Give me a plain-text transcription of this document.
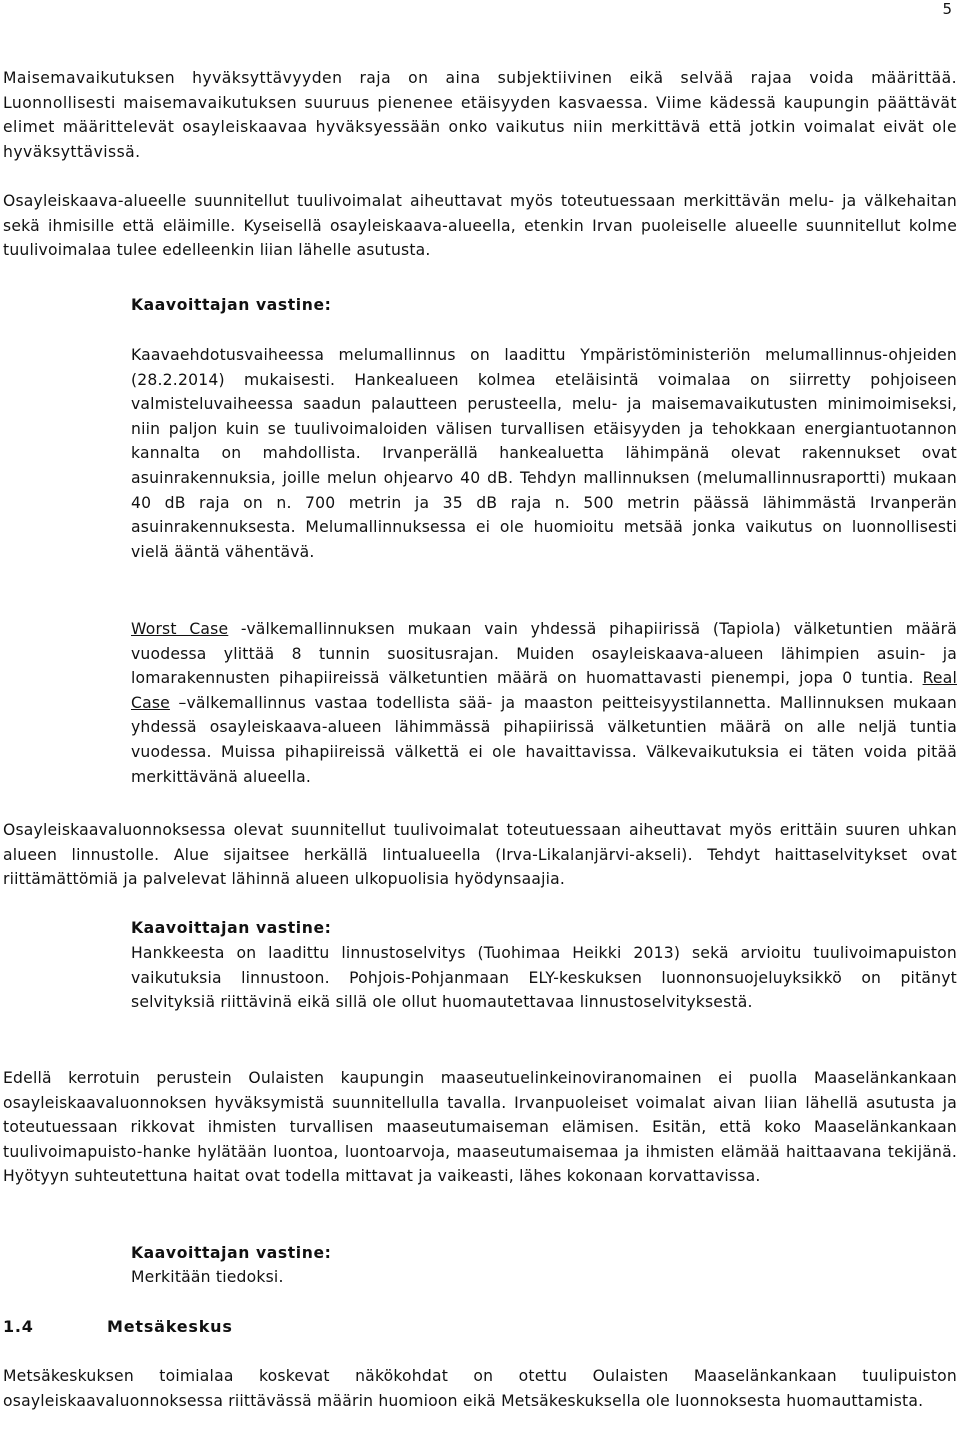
5

Maisemavaikutuksen hyväksyttävyyden raja on aina subjektiivinen eikä selvää rajaa voida määrittää. Luonnollisesti maisemavaikutuksen suuruus pienenee etäisyyden kasvaessa. Viime kädessä kaupungin päättävät elimet määrittelevät osayleiskaavaa hyväksyessään onko vaikutus niin merkittävä että jotkin voimalat eivät ole hyväksyttävissä.

Osayleiskaava-alueelle suunnitellut tuulivoimalat aiheuttavat myös toteutuessaan merkittävän melu- ja välkehaitan sekä ihmisille että eläimille. Kyseisellä osayleiskaava-alueella, etenkin Irvan puoleiselle alueelle suunnitellut kolme tuulivoimalaa tulee edelleenkin liian lähelle asutusta.

Kaavoittajan vastine:

Kaavaehdotusvaiheessa melumallinnus on laadittu Ympäristöministeriön melumallinnus-ohjeiden (28.2.2014) mukaisesti. Hankealueen kolmea eteläisintä voimalaa on siirretty pohjoiseen valmisteluvaiheessa saadun palautteen perusteella, melu- ja maisemavaikutusten minimoimiseksi, niin paljon kuin se tuulivoimaloiden välisen turvallisen etäisyyden ja tehokkaan energiantuotannon kannalta on mahdollista. Irvanperällä hankealuetta lähimpänä olevat rakennukset ovat asuinrakennuksia, joille melun ohjearvo 40 dB. Tehdyn mallinnuksen (melumallinnusraportti) mukaan 40 dB raja on n. 700 metrin ja 35 dB raja n. 500 metrin päässä lähimmästä Irvanperän asuinrakennuksesta. Melumallinnuksessa ei ole huomioitu metsää jonka vaikutus on luonnollisesti vielä ääntä vähentävä.

Worst Case -välkemallinnuksen mukaan vain yhdessä pihapiirissä (Tapiola) välketuntien määrä vuodessa ylittää 8 tunnin suositusrajan. Muiden osayleiskaava-alueen lähimpien asuin- ja lomarakennusten pihapiireissä välketuntien määrä on huomattavasti pienempi, jopa 0 tuntia. Real Case –välkemallinnus vastaa todellista sää- ja maaston peitteisyystilannetta. Mallinnuksen mukaan yhdessä osayleiskaava-alueen lähimmässä pihapiirissä välketuntien määrä on alle neljä tuntia vuodessa. Muissa pihapiireissä välkettä ei ole havaittavissa. Välkevaikutuksia ei täten voida pitää merkittävänä alueella.

Osayleiskaavaluonnoksessa olevat suunnitellut tuulivoimalat toteutuessaan aiheuttavat myös erittäin suuren uhkan alueen linnustolle. Alue sijaitsee herkällä lintualueella (Irva-Likalanjärvi-akseli). Tehdyt haittaselvitykset ovat riittämättömiä ja palvelevat lähinnä alueen ulkopuolisia hyödynsaajia.

Kaavoittajan vastine:

Hankkeesta on laadittu linnustoselvitys (Tuohimaa Heikki 2013) sekä arvioitu tuulivoimapuiston vaikutuksia linnustoon. Pohjois-Pohjanmaan ELY-keskuksen luonnonsuojeluyksikkö on pitänyt selvityksiä riittävinä eikä sillä ole ollut huomautettavaa linnustoselvityksestä.

Edellä kerrotuin perustein Oulaisten kaupungin maaseutuelinkeinoviranomainen ei puolla Maaselänkankaan osayleiskaavaluonnoksen hyväksymistä suunnitellulla tavalla. Irvanpuoleiset voimalat aivan liian lähellä asutusta ja toteutuessaan rikkovat ihmisten turvallisen maaseutumaiseman elämisen. Esitän, että koko Maaselänkankaan tuulivoimapuisto-hanke hylätään luontoa, luontoarvoja, maaseutumaisemaa ja ihmisten elämää haittaavana tekijänä. Hyötyyn suhteutettuna haitat ovat todella mittavat ja vaikeasti, lähes kokonaan korvattavissa.

Kaavoittajan vastine:

Merkitään tiedoksi.

1.4	Metsäkeskus

Metsäkeskuksen toimialaa koskevat näkökohdat on otettu Oulaisten Maaselänkankaan tuulipuiston osayleiskaavaluonnoksessa riittävässä määrin huomioon eikä Metsäkeskuksella ole luonnoksesta huomauttamista.
